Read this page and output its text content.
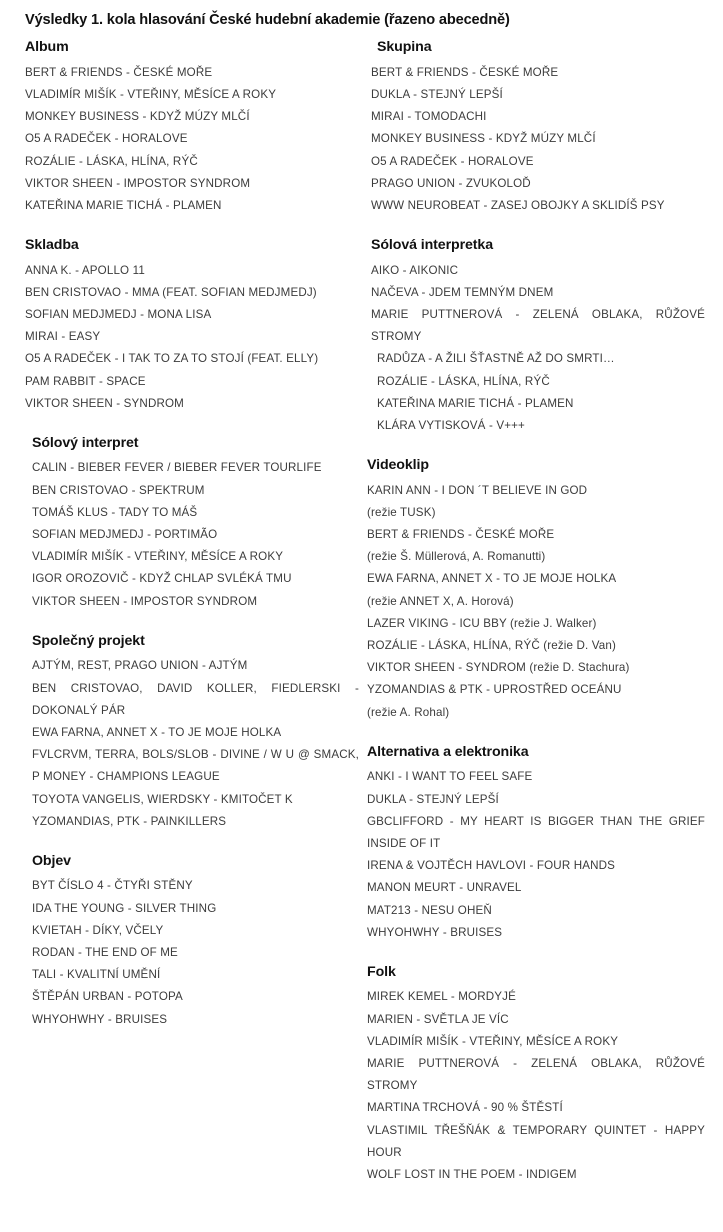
Výsledky 1. kola hlasování České hudební akademie (řazeno abecedně)
Album
BERT & FRIENDS - ČESKÉ MOŘE
VLADIMÍR MIŠÍK - VTEŘINY, MĚSÍCE A ROKY
MONKEY BUSINESS - KDYŽ MÚZY MLČÍ
O5 A RADEČEK - HORALOVE
ROZÁLIE - LÁSKA, HLÍNA, RÝČ
VIKTOR SHEEN - IMPOSTOR SYNDROM
KATEŘINA MARIE TICHÁ - PLAMEN
Skladba
ANNA K. - APOLLO 11
BEN CRISTOVAO - MMA (FEAT. SOFIAN MEDJMEDJ)
SOFIAN MEDJMEDJ - MONA LISA
MIRAI - EASY
O5 A RADEČEK - I TAK TO ZA TO STOJÍ (FEAT. ELLY)
PAM RABBIT - SPACE
VIKTOR SHEEN - SYNDROM
Sólový interpret
CALIN - BIEBER FEVER / BIEBER FEVER TOURLIFE
BEN CRISTOVAO - SPEKTRUM
TOMÁŠ KLUS - TADY TO MÁŠ
SOFIAN MEDJMEDJ - PORTIMÃO
VLADIMÍR MIŠÍK - VTEŘINY, MĚSÍCE A ROKY
IGOR OROZOVIČ - KDYŽ CHLAP SVLÉKÁ TMU
VIKTOR SHEEN - IMPOSTOR SYNDROM
Společný projekt
AJTÝM, REST, PRAGO UNION - AJTÝM
BEN CRISTOVAO, DAVID KOLLER, FIEDLERSKI - DOKONALÝ PÁR
EWA FARNA, ANNET X - TO JE MOJE HOLKA
FVLCRVM, TERRA, BOLS/SLOB - DIVINE / W U @ SMACK, P MONEY - CHAMPIONS LEAGUE
TOYOTA VANGELIS, WIERDSKY - KMITOČET K
YZOMANDIAS, PTK - PAINKILLERS
Objev
BYT ČÍSLO 4 - ČTYŘI STĚNY
IDA THE YOUNG - SILVER THING
KVIETAH - DÍKY, VČELY
RODAN - THE END OF ME
TALI - KVALITNÍ UMĚNÍ
ŠTĚPÁN URBAN - POTOPA
WHYOHWHY - BRUISES
Skupina
BERT & FRIENDS - ČESKÉ MOŘE
DUKLA - STEJNÝ LEPŠÍ
MIRAI - TOMODACHI
MONKEY BUSINESS - KDYŽ MÚZY MLČÍ
O5 A RADEČEK - HORALOVE
PRAGO UNION - ZVUKOLOĎ
WWW NEUROBEAT - ZASEJ OBOJKY A SKLIDÍŠ PSY
Sólová interpretka
AIKO - AIKONIC
NAČEVA - JDEM TEMNÝM DNEM
MARIE PUTTNEROVÁ - ZELENÁ OBLAKA, RŮŽOVÉ STROMY
RADŮZA - A ŽILI ŠŤASTNĚ AŽ DO SMRTI…
ROZÁLIE - LÁSKA, HLÍNA, RÝČ
KATEŘINA MARIE TICHÁ - PLAMEN
KLÁRA VYTISKOVÁ - V+++
Videoklip
KARIN ANN - I DON ´T BELIEVE IN GOD
(režie TUSK)
BERT & FRIENDS - ČESKÉ MOŘE
(režie Š. Müllerová, A. Romanutti)
EWA FARNA, ANNET X - TO JE MOJE HOLKA
(režie ANNET X, A. Horová)
LAZER VIKING - ICU BBY (režie J. Walker)
ROZÁLIE - LÁSKA, HLÍNA, RÝČ (režie D. Van)
VIKTOR SHEEN - SYNDROM (režie D. Stachura)
YZOMANDIAS & PTK - UPROSTŘED OCEÁNU
(režie A. Rohal)
Alternativa a elektronika
ANKI - I WANT TO FEEL SAFE
DUKLA - STEJNÝ LEPŠÍ
GBCLIFFORD - MY HEART IS BIGGER THAN THE GRIEF INSIDE OF IT
IRENA & VOJTĚCH HAVLOVI - FOUR HANDS
MANON MEURT - UNRAVEL
MAT213 - NESU OHEŇ
WHYOHWHY - BRUISES
Folk
MIREK KEMEL - MORDYJÉ
MARIEN - SVĚTLA JE VÍC
VLADIMÍR MIŠÍK - VTEŘINY, MĚSÍCE A ROKY
MARIE PUTTNEROVÁ - ZELENÁ OBLAKA, RŮŽOVÉ STROMY
MARTINA TRCHOVÁ - 90 % ŠTĚSTÍ
VLASTIMIL TŘEŠŇÁK & TEMPORARY QUINTET - HAPPY HOUR
WOLF LOST IN THE POEM - INDIGEM
